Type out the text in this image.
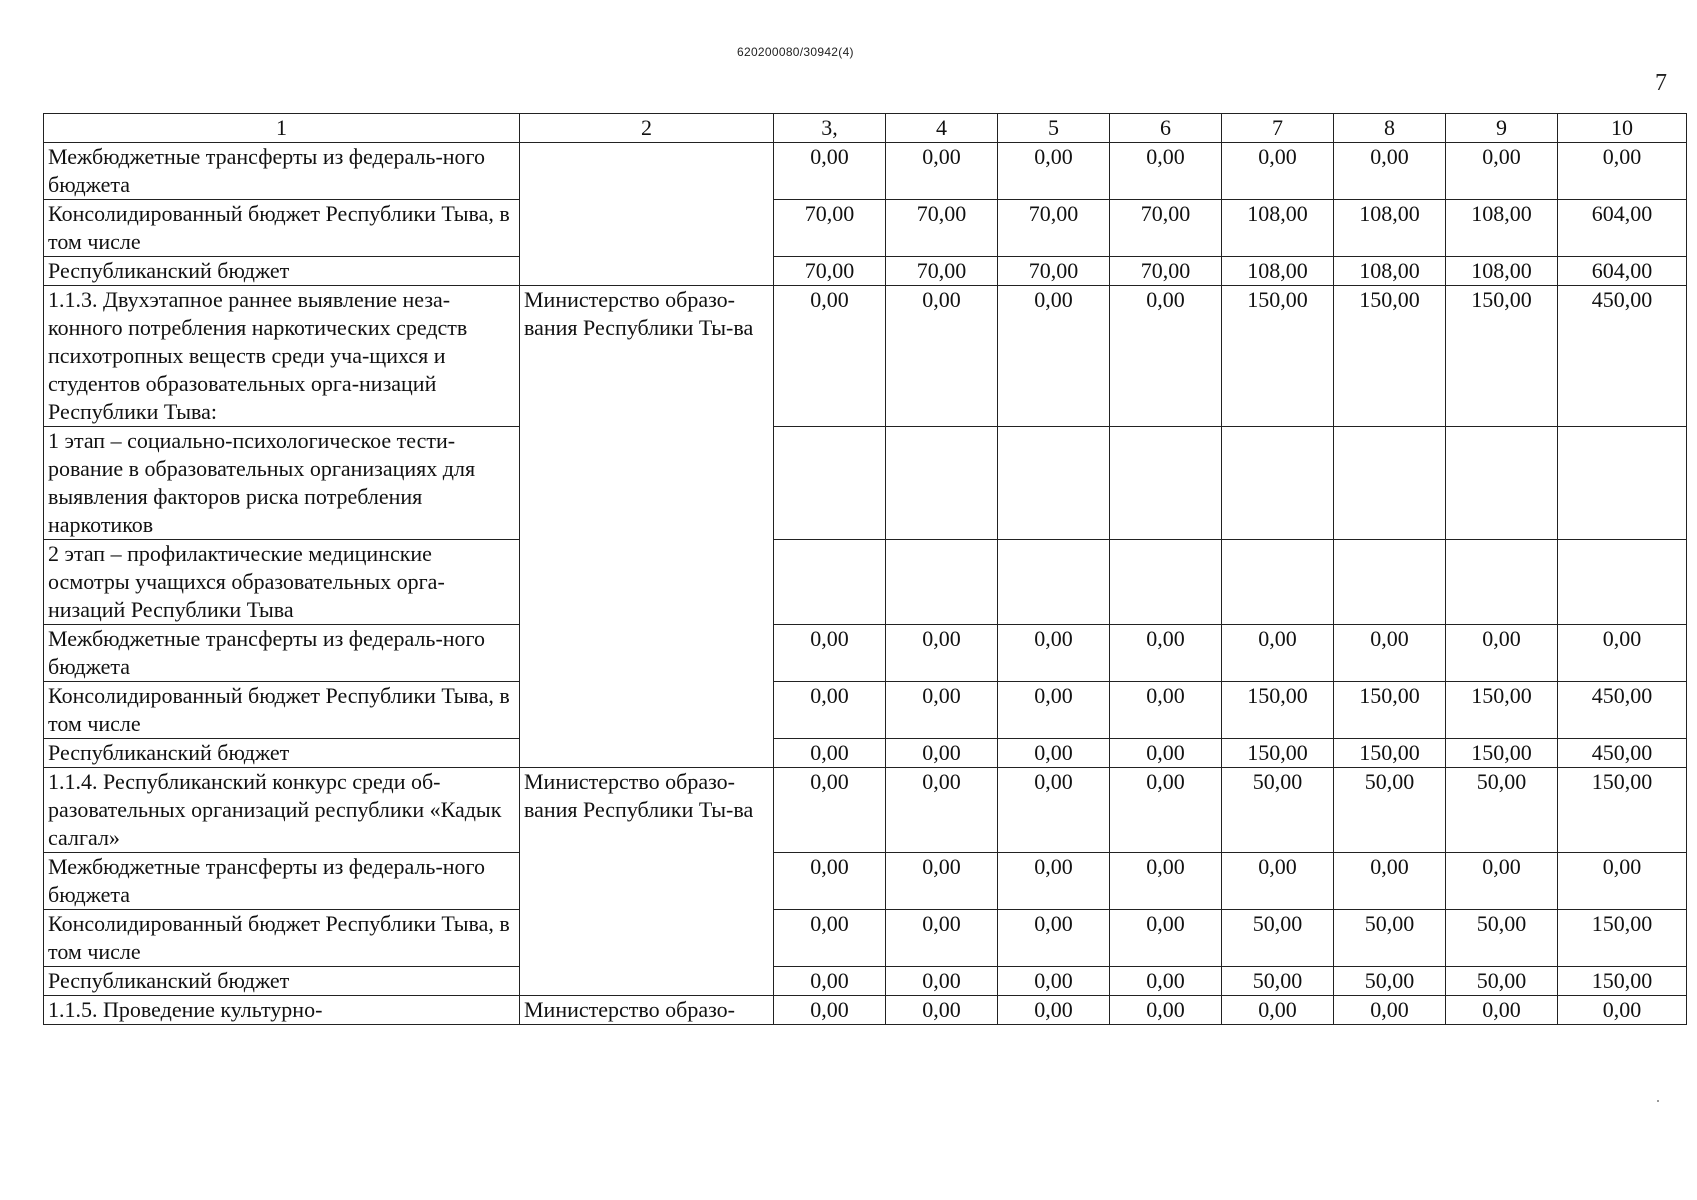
620200080/30942(4)
7
1	2	3,	4	5	6	7	8	9	10
Межбюджетные трансферты из федераль-ного бюджета		0,00	0,00	0,00	0,00	0,00	0,00	0,00	0,00
Консолидированный бюджет Республики Тыва, в том числе		70,00	70,00	70,00	70,00	108,00	108,00	108,00	604,00
Республиканский бюджет		70,00	70,00	70,00	70,00	108,00	108,00	108,00	604,00
1.1.3. Двухэтапное раннее выявление неза-конного потребления наркотических средств психотропных веществ среди уча-щихся и студентов образовательных орга-низаций Республики Тыва:	Министерство образо-вания Республики Ты-ва	0,00	0,00	0,00	0,00	150,00	150,00	150,00	450,00
1 этап – социально-психологическое тести-рование в образовательных организациях для выявления факторов риска потребления наркотиков									
2 этап – профилактические медицинские осмотры учащихся образовательных орга-низаций Республики Тыва									
Межбюджетные трансферты из федераль-ного бюджета		0,00	0,00	0,00	0,00	0,00	0,00	0,00	0,00
Консолидированный бюджет Республики Тыва, в том числе		0,00	0,00	0,00	0,00	150,00	150,00	150,00	450,00
Республиканский бюджет		0,00	0,00	0,00	0,00	150,00	150,00	150,00	450,00
1.1.4. Республиканский конкурс среди об-разовательных организаций республики «Кадык салгал»	Министерство образо-вания Республики Ты-ва	0,00	0,00	0,00	0,00	50,00	50,00	50,00	150,00
Межбюджетные трансферты из федераль-ного бюджета		0,00	0,00	0,00	0,00	0,00	0,00	0,00	0,00
Консолидированный бюджет Республики Тыва, в том числе		0,00	0,00	0,00	0,00	50,00	50,00	50,00	150,00
Республиканский бюджет		0,00	0,00	0,00	0,00	50,00	50,00	50,00	150,00
1.1.5. Проведение культурно-	Министерство образо-	0,00	0,00	0,00	0,00	0,00	0,00	0,00	0,00
